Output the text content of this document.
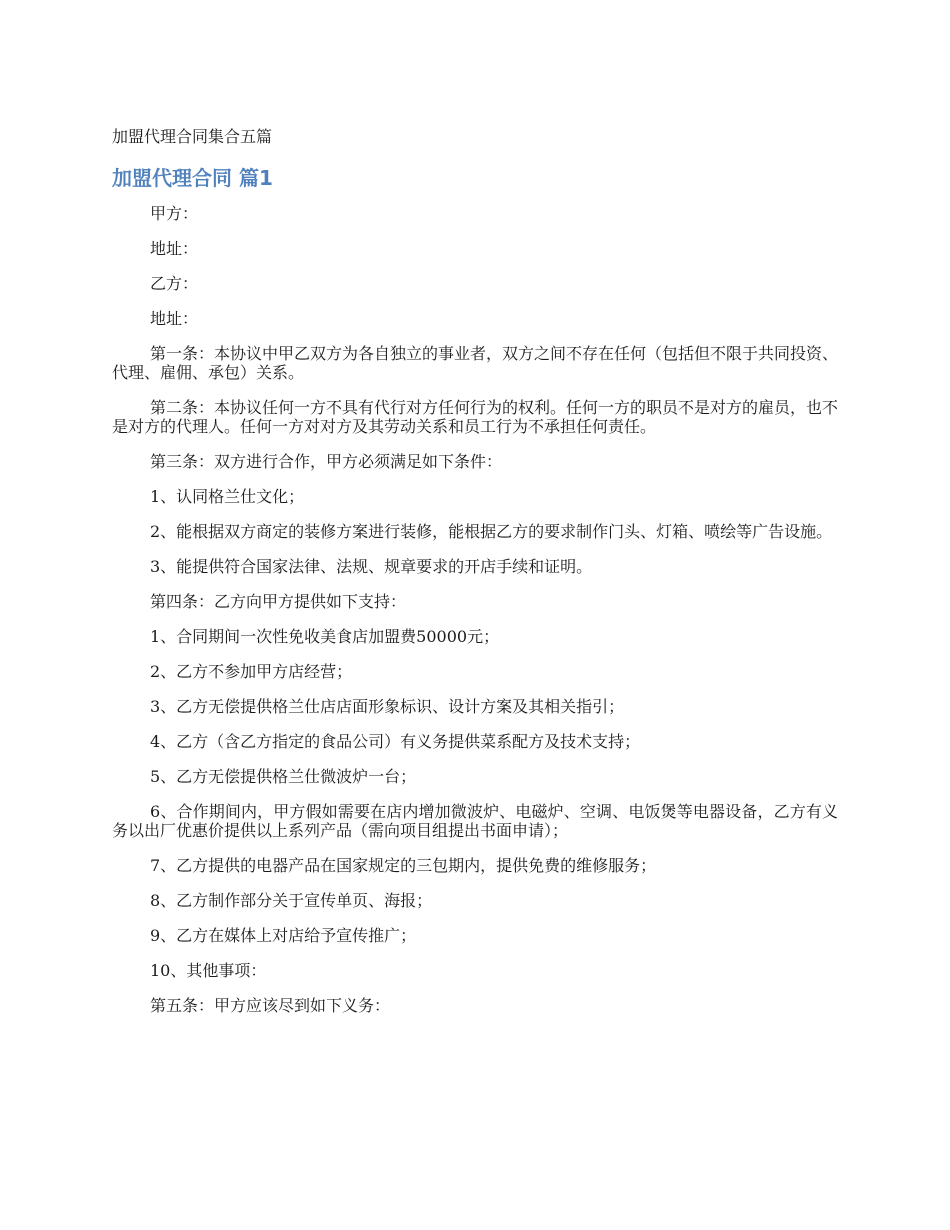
加盟代理合同集合五篇
加盟代理合同 篇1

甲方：

地址：

乙方：

地址：

第一条：本协议中甲乙双方为各自独立的事业者，双方之间不存在任何（包括但不限于共同投资、代理、雇佣、承包）关系。

第二条：本协议任何一方不具有代行对方任何行为的权利。任何一方的职员不是对方的雇员，也不是对方的代理人。任何一方对对方及其劳动关系和员工行为不承担任何责任。

第三条：双方进行合作，甲方必须满足如下条件：

1、认同格兰仕文化；

2、能根据双方商定的装修方案进行装修，能根据乙方的要求制作门头、灯箱、喷绘等广告设施。

3、能提供符合国家法律、法规、规章要求的开店手续和证明。

第四条：乙方向甲方提供如下支持：

1、合同期间一次性免收美食店加盟费50000元；

2、乙方不参加甲方店经营；

3、乙方无偿提供格兰仕店店面形象标识、设计方案及其相关指引；

4、乙方（含乙方指定的食品公司）有义务提供菜系配方及技术支持；

5、乙方无偿提供格兰仕微波炉一台；

6、合作期间内，甲方假如需要在店内增加微波炉、电磁炉、空调、电饭煲等电器设备，乙方有义务以出厂优惠价提供以上系列产品（需向项目组提出书面申请）；

7、乙方提供的电器产品在国家规定的三包期内，提供免费的维修服务；

8、乙方制作部分关于宣传单页、海报；

9、乙方在媒体上对店给予宣传推广；

10、其他事项：

第五条：甲方应该尽到如下义务：
